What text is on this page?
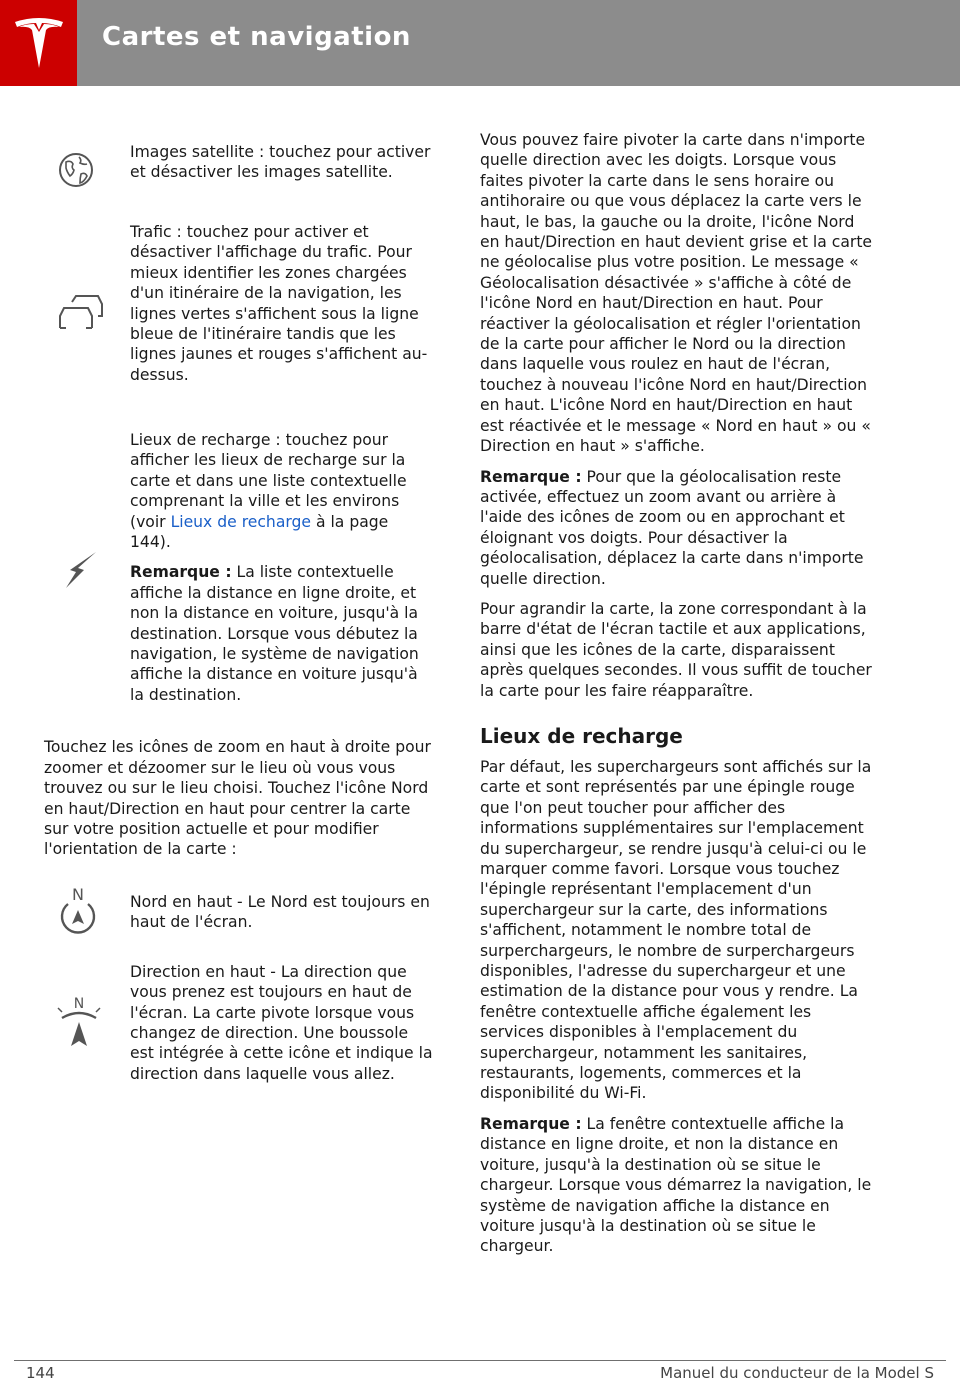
Cartes et navigation

Images satellite : touchez pour activer et désactiver les images satellite.

Trafic : touchez pour activer et désactiver l'affichage du trafic. Pour mieux identifier les zones chargées d'un itinéraire de la navigation, les lignes vertes s'affichent sous la ligne bleue de l'itinéraire tandis que les lignes jaunes et rouges s'affichent au-dessus.

Lieux de recharge : touchez pour afficher les lieux de recharge sur la carte et dans une liste contextuelle comprenant la ville et les environs (voir Lieux de recharge à la page 144).

Remarque : La liste contextuelle affiche la distance en ligne droite, et non la distance en voiture, jusqu'à la destination. Lorsque vous débutez la navigation, le système de navigation affiche la distance en voiture jusqu'à la destination.

Touchez les icônes de zoom en haut à droite pour zoomer et dézoomer sur le lieu où vous vous trouvez ou sur le lieu choisi. Touchez l'icône Nord en haut/Direction en haut pour centrer la carte sur votre position actuelle et pour modifier l'orientation de la carte :

N	Nord en haut - Le Nord est toujours en haut de l'écran.

N

Direction en haut - La direction que vous prenez est toujours en haut de l'écran. La carte pivote lorsque vous changez de direction. Une boussole est intégrée à cette icône et indique la direction dans laquelle vous allez.

Vous pouvez faire pivoter la carte dans n'importe quelle direction avec les doigts. Lorsque vous faites pivoter la carte dans le sens horaire ou antihoraire ou que vous déplacez la carte vers le haut, le bas, la gauche ou la droite, l'icône Nord en haut/Direction en haut devient grise et la carte ne géolocalise plus votre position. Le message « Géolocalisation désactivée » s'affiche à côté de l'icône Nord en haut/Direction en haut. Pour réactiver la géolocalisation et régler l'orientation de la carte pour afficher le Nord ou la direction dans laquelle vous roulez en haut de l'écran, touchez à nouveau l'icône Nord en haut/Direction en haut. L'icône Nord en haut/Direction en haut est réactivée et le message « Nord en haut » ou « Direction en haut » s'affiche.

Remarque : Pour que la géolocalisation reste activée, effectuez un zoom avant ou arrière à l'aide des icônes de zoom ou en approchant et éloignant vos doigts. Pour désactiver la géolocalisation, déplacez la carte dans n'importe quelle direction.

Pour agrandir la carte, la zone correspondant à la barre d'état de l'écran tactile et aux applications, ainsi que les icônes de la carte, disparaissent après quelques secondes. Il vous suffit de toucher la carte pour les faire réapparaître.

Lieux de recharge

Par défaut, les superchargeurs sont affichés sur la carte et sont représentés par une épingle rouge que l'on peut toucher pour afficher des informations supplémentaires sur l'emplacement du superchargeur, se rendre jusqu'à celui-ci ou le marquer comme favori. Lorsque vous touchez l'épingle représentant l'emplacement d'un superchargeur sur la carte, des informations s'affichent, notamment le nombre total de surperchargeurs, le nombre de surperchargeurs disponibles, l'adresse du superchargeur et une estimation de la distance pour vous y rendre. La fenêtre contextuelle affiche également les services disponibles à l'emplacement du superchargeur, notamment les sanitaires, restaurants, logements, commerces et la disponibilité du Wi-Fi.

Remarque : La fenêtre contextuelle affiche la distance en ligne droite, et non la distance en voiture, jusqu'à la destination où se situe le chargeur. Lorsque vous démarrez la navigation, le système de navigation affiche la distance en voiture jusqu'à la destination où se situe le chargeur.

144	Manuel du conducteur de la Model S
